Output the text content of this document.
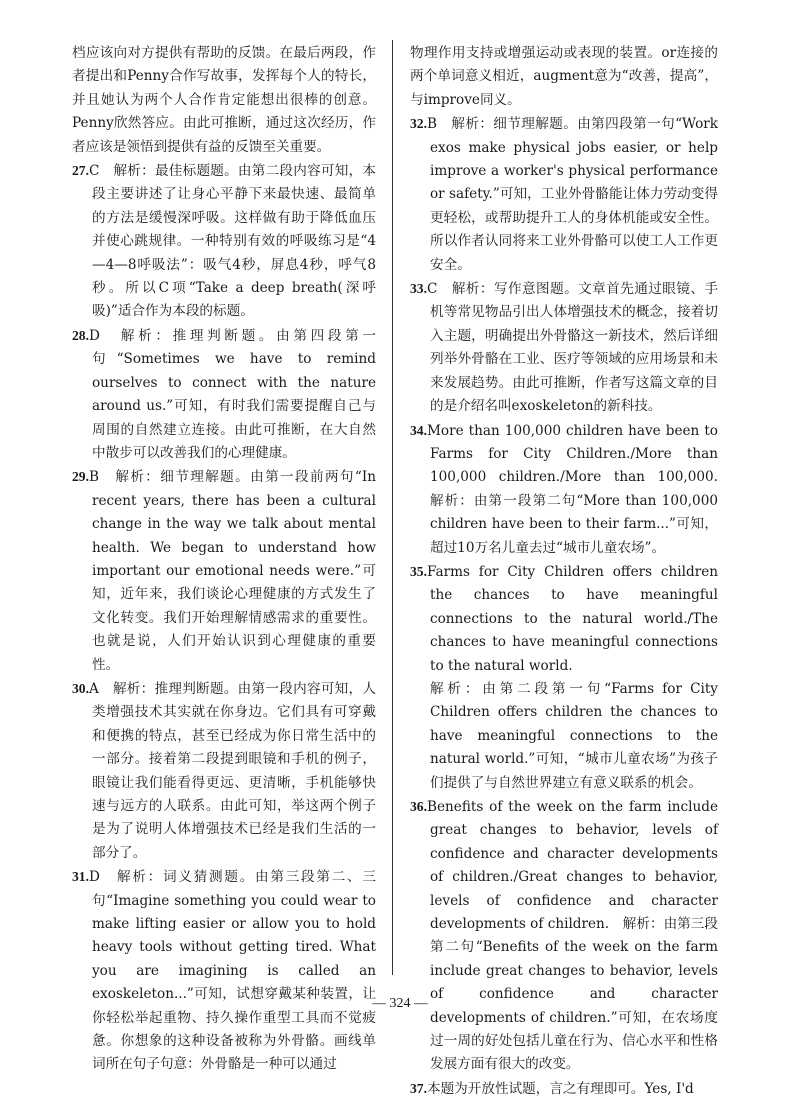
档应该向对方提供有帮助的反馈。在最后两段，作者提出和Penny合作写故事，发挥每个人的特长，并且她认为两个人合作肯定能想出很棒的创意。Penny欣然答应。由此可推断，通过这次经历，作者应该是领悟到提供有益的反馈至关重要。

27.C　解析：最佳标题题。由第二段内容可知，本段主要讲述了让身心平静下来最快速、最简单的方法是缓慢深呼吸。这样做有助于降低血压并使心跳规律。一种特别有效的呼吸练习是“4—4—8呼吸法”：吸气4秒，屏息4秒，呼气8秒。所以C项“Take a deep breath(深呼吸)”适合作为本段的标题。

28.D　解析：推理判断题。由第四段第一句“Sometimes we have to remind ourselves to connect with the nature around us.”可知，有时我们需要提醒自己与周围的自然建立连接。由此可推断，在大自然中散步可以改善我们的心理健康。

29.B　解析：细节理解题。由第一段前两句“In recent years, there has been a cultural change in the way we talk about mental health. We began to understand how important our emotional needs were.”可知，近年来，我们谈论心理健康的方式发生了文化转变。我们开始理解情感需求的重要性。也就是说，人们开始认识到心理健康的重要性。

30.A　解析：推理判断题。由第一段内容可知，人类增强技术其实就在你身边。它们具有可穿戴和便携的特点，甚至已经成为你日常生活中的一部分。接着第二段提到眼镜和手机的例子，眼镜让我们能看得更远、更清晰，手机能够快速与远方的人联系。由此可知，举这两个例子是为了说明人体增强技术已经是我们生活的一部分了。

31.D　解析：词义猜测题。由第三段第二、三句“Imagine something you could wear to make lifting easier or allow you to hold heavy tools without getting tired. What you are imagining is called an exoskeleton...”可知，试想穿戴某种装置，让你轻松举起重物、持久操作重型工具而不觉疲惫。你想象的这种设备被称为外骨骼。画线单词所在句子句意：外骨骼是一种可以通过

物理作用支持或增强运动或表现的装置。or连接的两个单词意义相近，augment意为“改善，提高”，与improve同义。

32.B　解析：细节理解题。由第四段第一句“Work exos make physical jobs easier, or help improve a worker's physical performance or safety.”可知，工业外骨骼能让体力劳动变得更轻松，或帮助提升工人的身体机能或安全性。所以作者认同将来工业外骨骼可以使工人工作更安全。

33.C　解析：写作意图题。文章首先通过眼镜、手机等常见物品引出人体增强技术的概念，接着切入主题，明确提出外骨骼这一新技术，然后详细列举外骨骼在工业、医疗等领域的应用场景和未来发展趋势。由此可推断，作者写这篇文章的目的是介绍名叫exoskeleton的新科技。

34.More than 100,000 children have been to Farms for City Children./More than 100,000 children./More than 100,000.　解析：由第一段第二句“More than 100,000 children have been to their farm...”可知，超过10万名儿童去过“城市儿童农场”。

35.Farms for City Children offers children the chances to have meaningful connections to the natural world./The chances to have meaningful connections to the natural world.

解析：由第二段第一句“Farms for City Children offers children the chances to have meaningful connections to the natural world.”可知，“城市儿童农场”为孩子们提供了与自然世界建立有意义联系的机会。

36.Benefits of the week on the farm include great changes to behavior, levels of confidence and character developments of children./Great changes to behavior, levels of confidence and character developments of children.　解析：由第三段第二句“Benefits of the week on the farm include great changes to behavior, levels of confidence and character developments of children.”可知，在农场度过一周的好处包括儿童在行为、信心水平和性格发展方面有很大的改变。

37.本题为开放性试题，言之有理即可。Yes, I'd

— 324 —
